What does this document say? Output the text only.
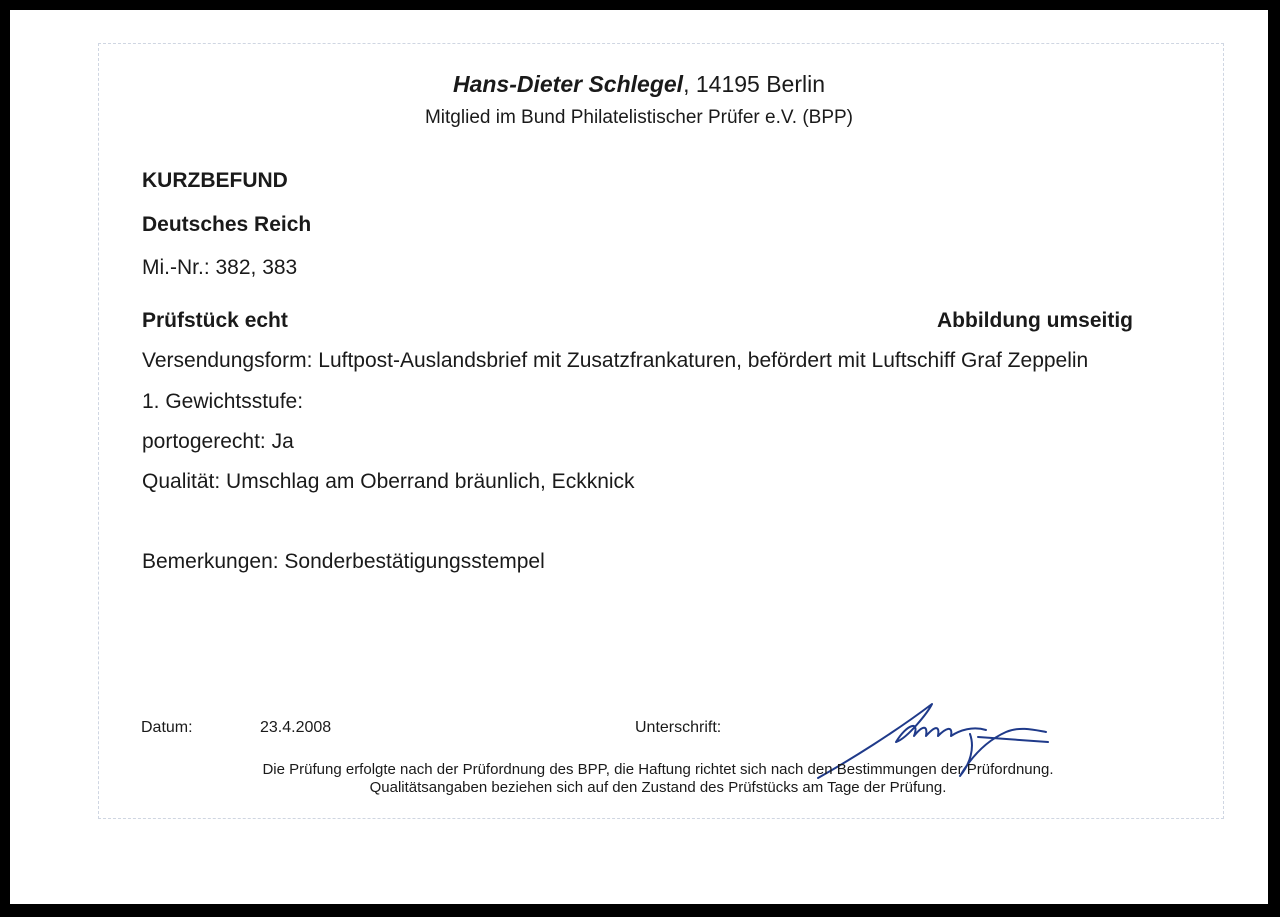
Hans-Dieter Schlegel, 14195 Berlin
Mitglied im Bund Philatelistischer Prüfer e.V. (BPP)
KURZBEFUND
Deutsches Reich
Mi.-Nr.: 382, 383
Prüfstück echt	Abbildung umseitig
Versendungsform: Luftpost-Auslandsbrief mit Zusatzfrankaturen, befördert mit Luftschiff Graf Zeppelin
1. Gewichtsstufe:
portogerecht: Ja
Qualität: Umschlag am Oberrand bräunlich, Eckknick
Bemerkungen: Sonderbestätigungsstempel
Datum:	23.4.2008	Unterschrift:
Die Prüfung erfolgte nach der Prüfordnung des BPP, die Haftung richtet sich nach den Bestimmungen der Prüfordnung.
Qualitätsangaben beziehen sich auf den Zustand des Prüfstücks am Tage der Prüfung.
